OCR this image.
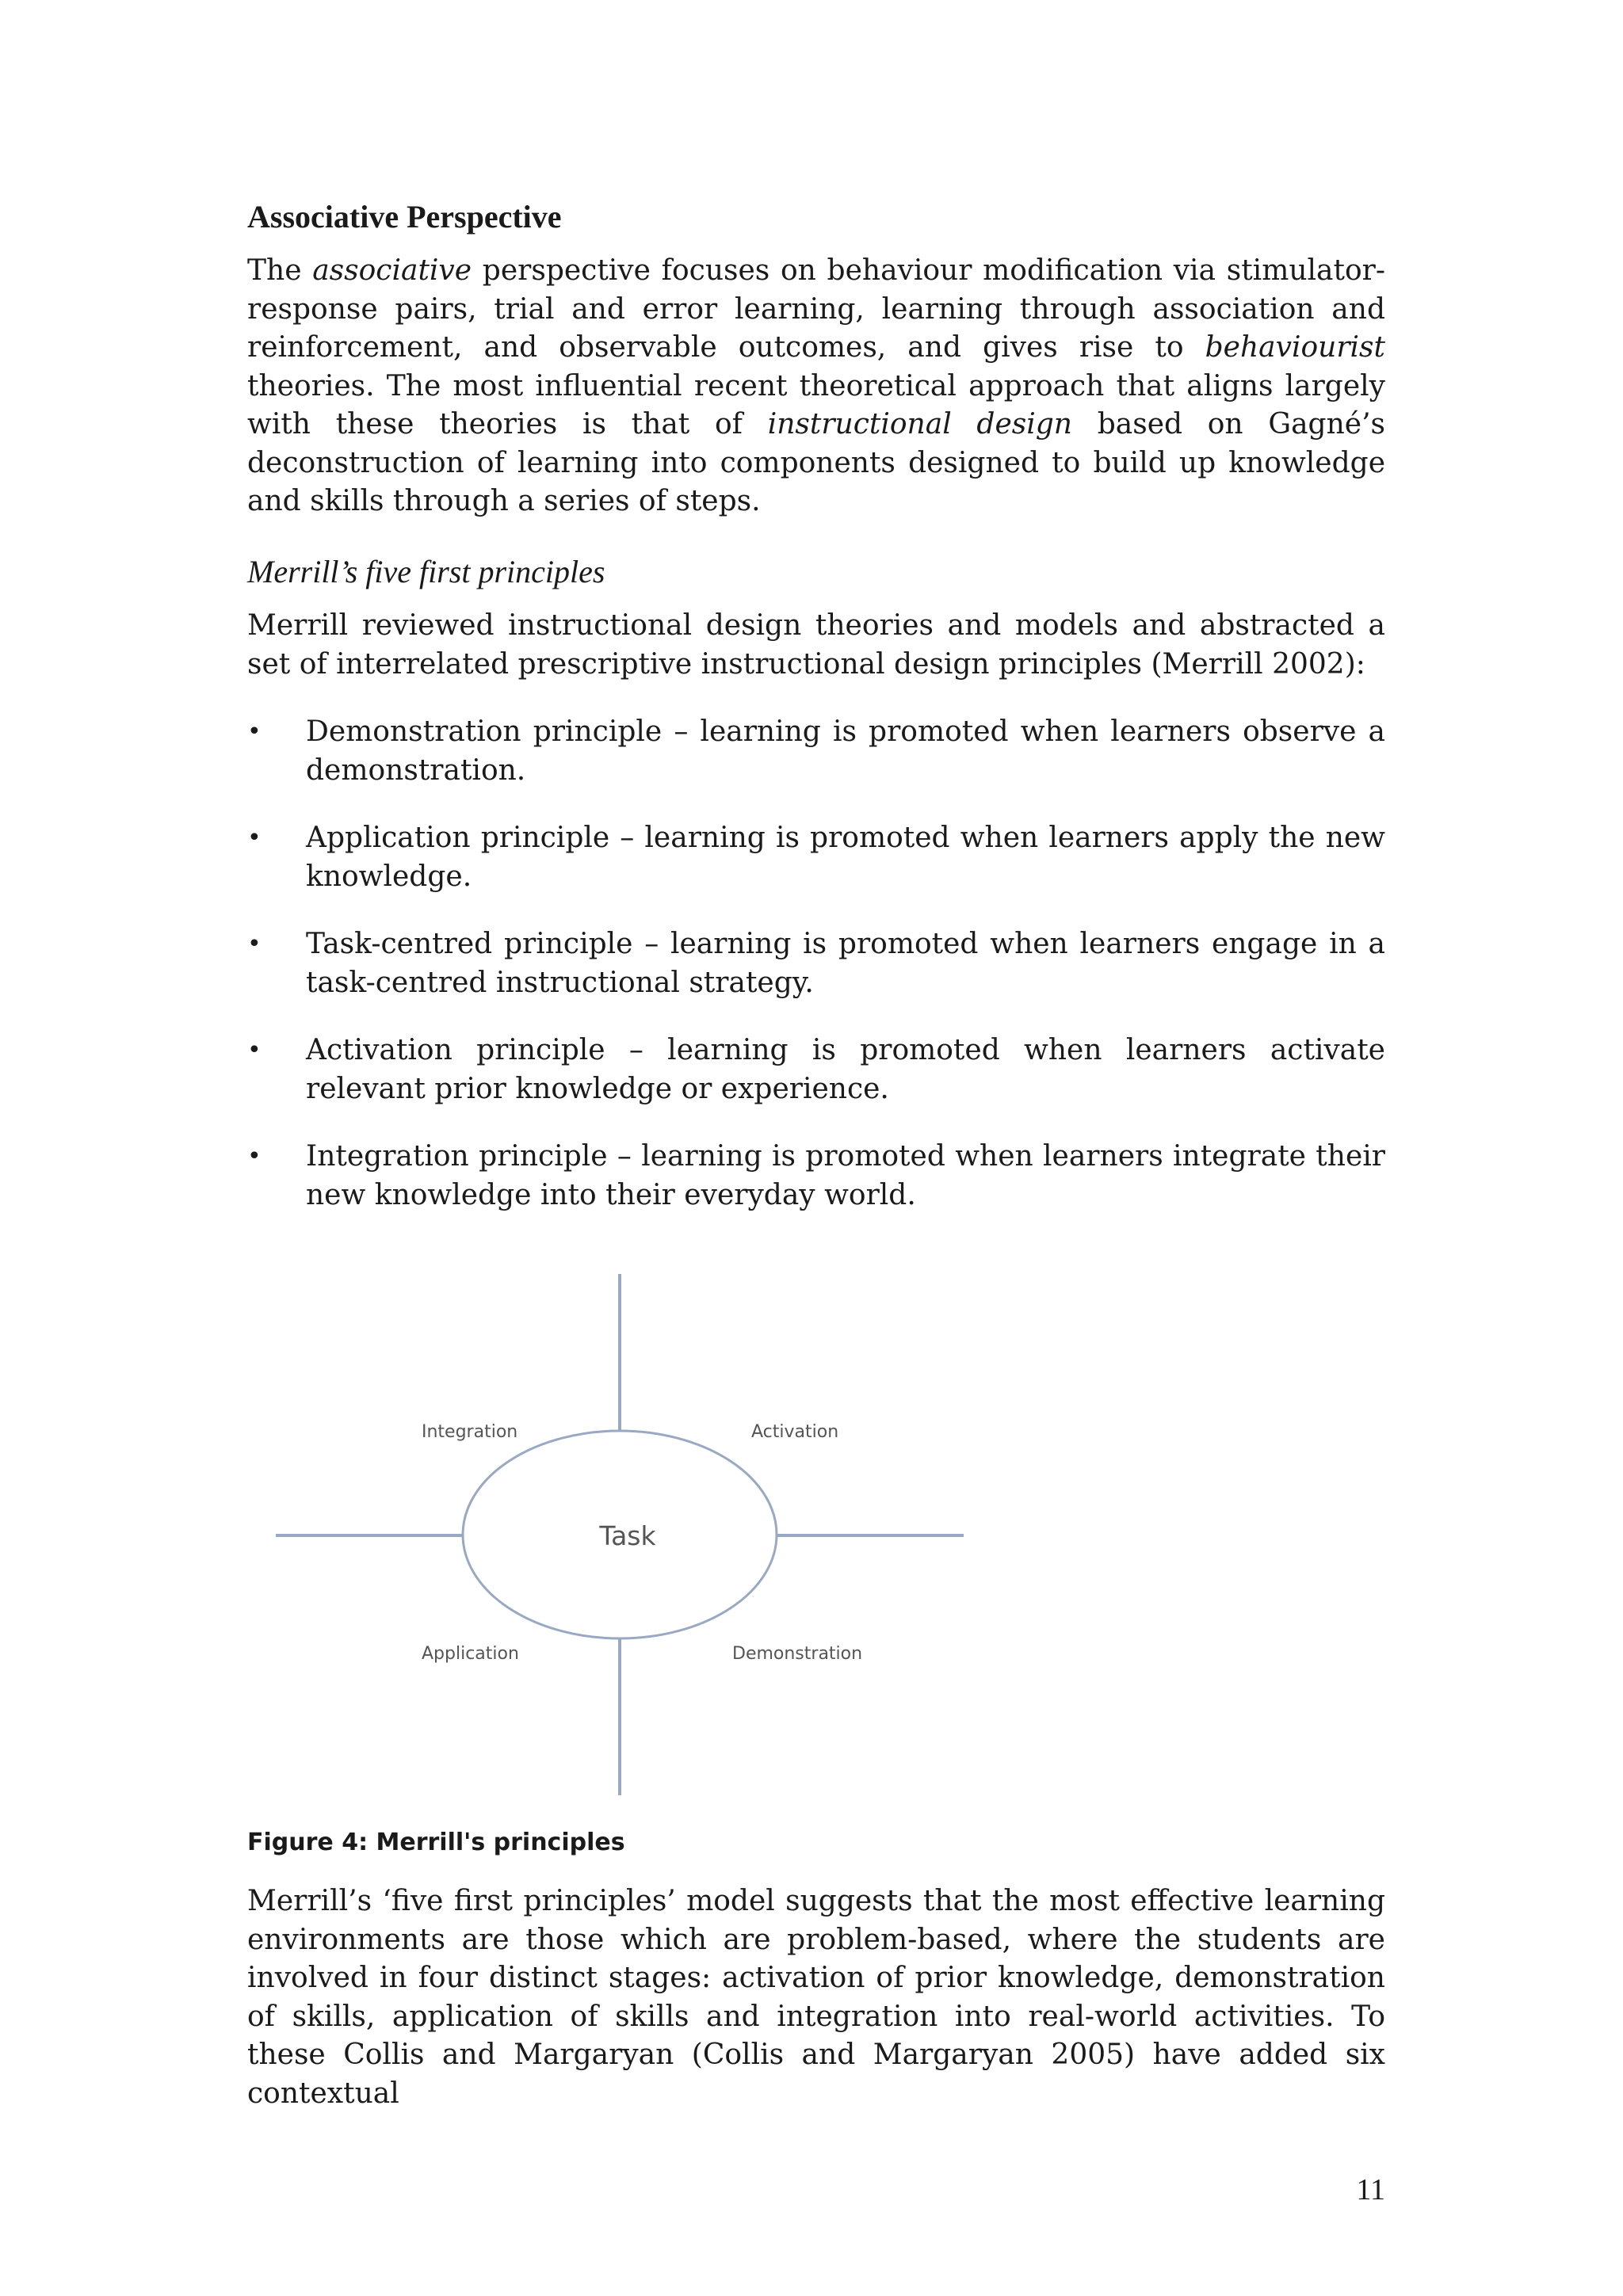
Associative Perspective
The associative perspective focuses on behaviour modification via stimulator-response pairs, trial and error learning, learning through association and reinforcement, and observable outcomes, and gives rise to behaviourist theories. The most influential recent theoretical approach that aligns largely with these theories is that of instructional design based on Gagné’s deconstruction of learning into components designed to build up knowledge and skills through a series of steps.
Merrill’s five first principles
Merrill reviewed instructional design theories and models and abstracted a set of interrelated prescriptive instructional design principles (Merrill 2002):
• Demonstration principle – learning is promoted when learners observe a demonstration.
• Application principle – learning is promoted when learners apply the new knowledge.
• Task-centred principle – learning is promoted when learners engage in a task-centred instructional strategy.
• Activation principle – learning is promoted when learners activate relevant prior knowledge or experience.
• Integration principle – learning is promoted when learners integrate their new knowledge into their everyday world.
Task
Integration	Activation
Application	Demonstration
Figure 4: Merrill's principles
Merrill’s ‘five first principles’ model suggests that the most effective learning environments are those which are problem-based, where the students are involved in four distinct stages: activation of prior knowledge, demonstration of skills, application of skills and integration into real-world activities. To these Collis and Margaryan (Collis and Margaryan 2005) have added six contextual
11
